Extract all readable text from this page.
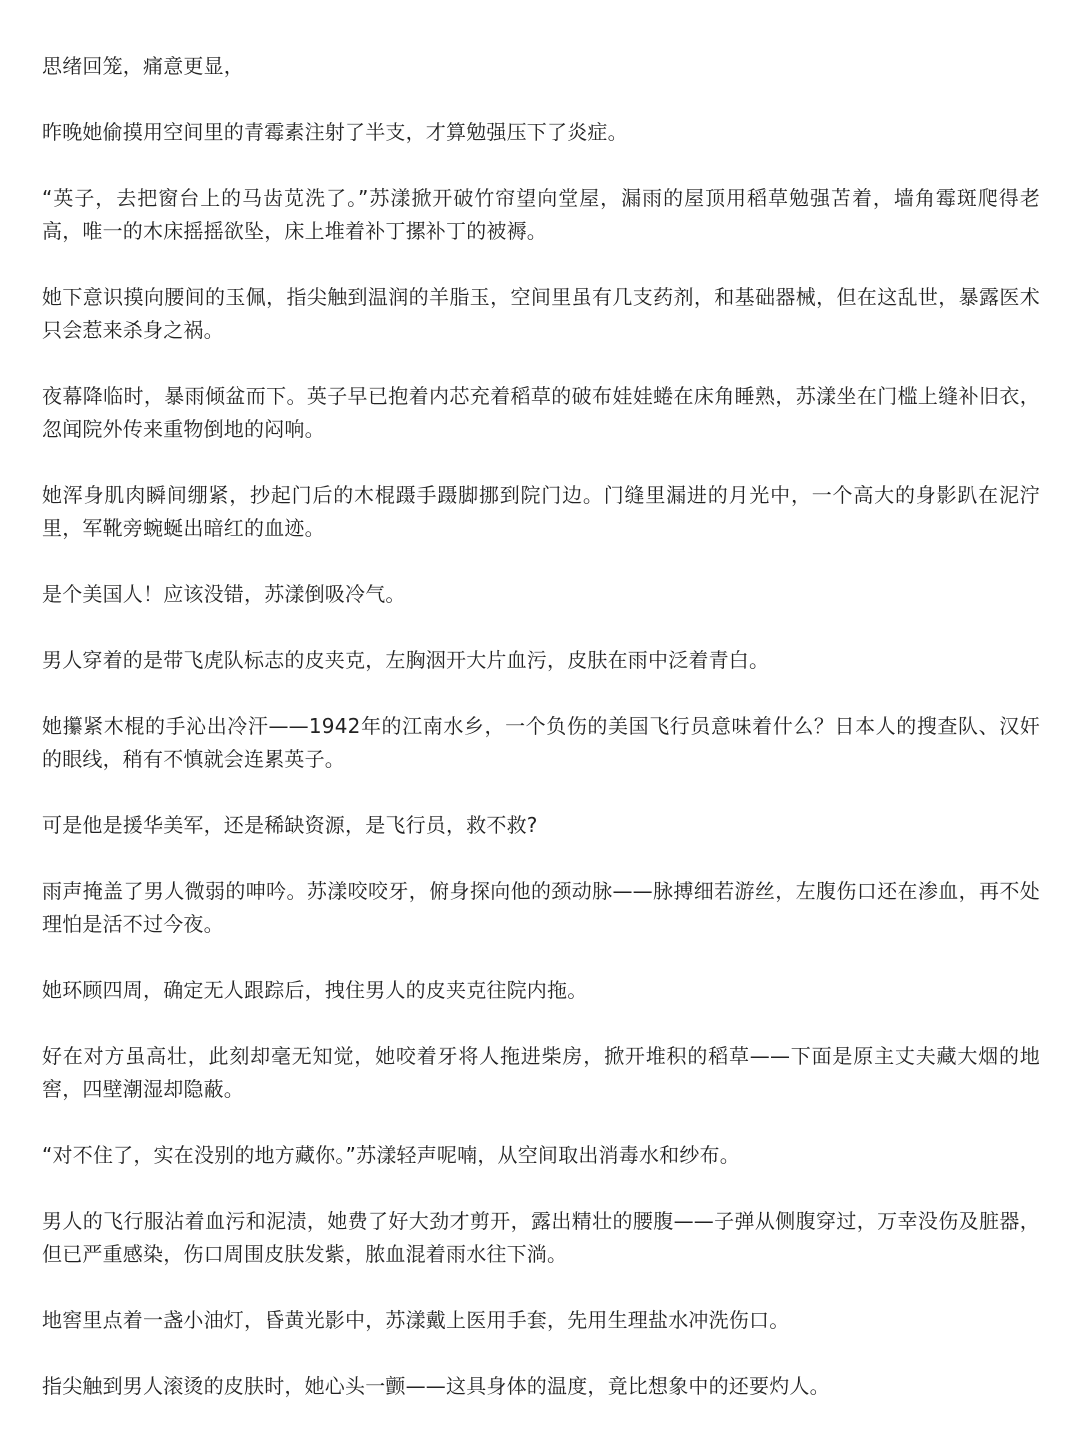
思绪回笼，痛意更显，

昨晚她偷摸用空间里的青霉素注射了半支，才算勉强压下了炎症。

“英子，去把窗台上的马齿苋洗了。”苏漾掀开破竹帘望向堂屋，漏雨的屋顶用稻草勉强苫着，墙角霉斑爬得老高，唯一的木床摇摇欲坠，床上堆着补丁摞补丁的被褥。

她下意识摸向腰间的玉佩，指尖触到温润的羊脂玉，空间里虽有几支药剂，和基础器械，但在这乱世，暴露医术只会惹来杀身之祸。

夜幕降临时，暴雨倾盆而下。英子早已抱着内芯充着稻草的破布娃娃蜷在床角睡熟，苏漾坐在门槛上缝补旧衣，忽闻院外传来重物倒地的闷响。

她浑身肌肉瞬间绷紧，抄起门后的木棍蹑手蹑脚挪到院门边。门缝里漏进的月光中，一个高大的身影趴在泥泞里，军靴旁蜿蜒出暗红的血迹。

是个美国人！应该没错，苏漾倒吸冷气。

男人穿着的是带飞虎队标志的皮夹克，左胸洇开大片血污，皮肤在雨中泛着青白。

她攥紧木棍的手沁出冷汗——1942年的江南水乡，一个负伤的美国飞行员意味着什么？日本人的搜查队、汉奸的眼线，稍有不慎就会连累英子。

可是他是援华美军，还是稀缺资源，是飞行员，救不救?

雨声掩盖了男人微弱的呻吟。苏漾咬咬牙，俯身探向他的颈动脉——脉搏细若游丝，左腹伤口还在渗血，再不处理怕是活不过今夜。

她环顾四周，确定无人跟踪后，拽住男人的皮夹克往院内拖。

好在对方虽高壮，此刻却毫无知觉，她咬着牙将人拖进柴房，掀开堆积的稻草——下面是原主丈夫藏大烟的地窖，四壁潮湿却隐蔽。

“对不住了，实在没别的地方藏你。”苏漾轻声呢喃，从空间取出消毒水和纱布。

男人的飞行服沾着血污和泥渍，她费了好大劲才剪开，露出精壮的腰腹——子弹从侧腹穿过，万幸没伤及脏器，但已严重感染，伤口周围皮肤发紫，脓血混着雨水往下淌。

地窖里点着一盏小油灯，昏黄光影中，苏漾戴上医用手套，先用生理盐水冲洗伤口。

指尖触到男人滚烫的皮肤时，她心头一颤——这具身体的温度，竟比想象中的还要灼人。
